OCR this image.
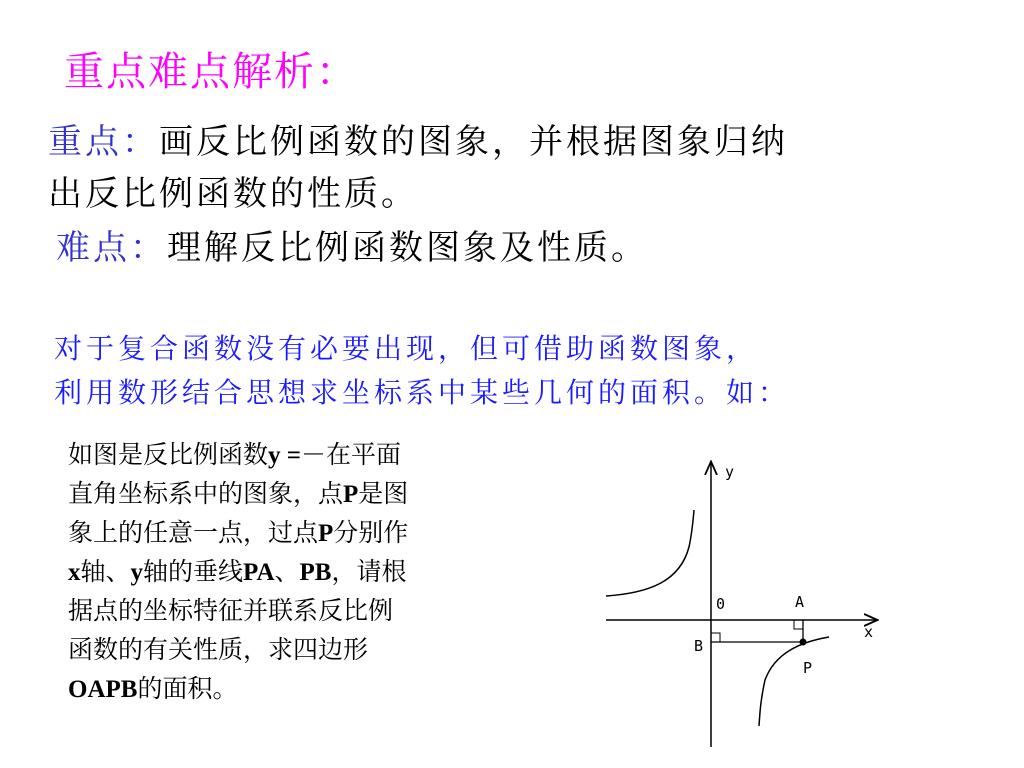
重点难点解析：
重点：画反比例函数的图象，并根据图象归纳
出反比例函数的性质。
难点：理解反比例函数图象及性质。
对于复合函数没有必要出现，但可借助函数图象，
利用数形结合思想求坐标系中某些几何的面积。如：
如图是反比例函数y =－在平面
直角坐标系中的图象，点P是图
象上的任意一点，过点P分别作
x轴、y轴的垂线PA、PB，请根
据点的坐标特征并联系反比例
函数的有关性质，求四边形
OAPB的面积。
y
x
0	A
B
P
